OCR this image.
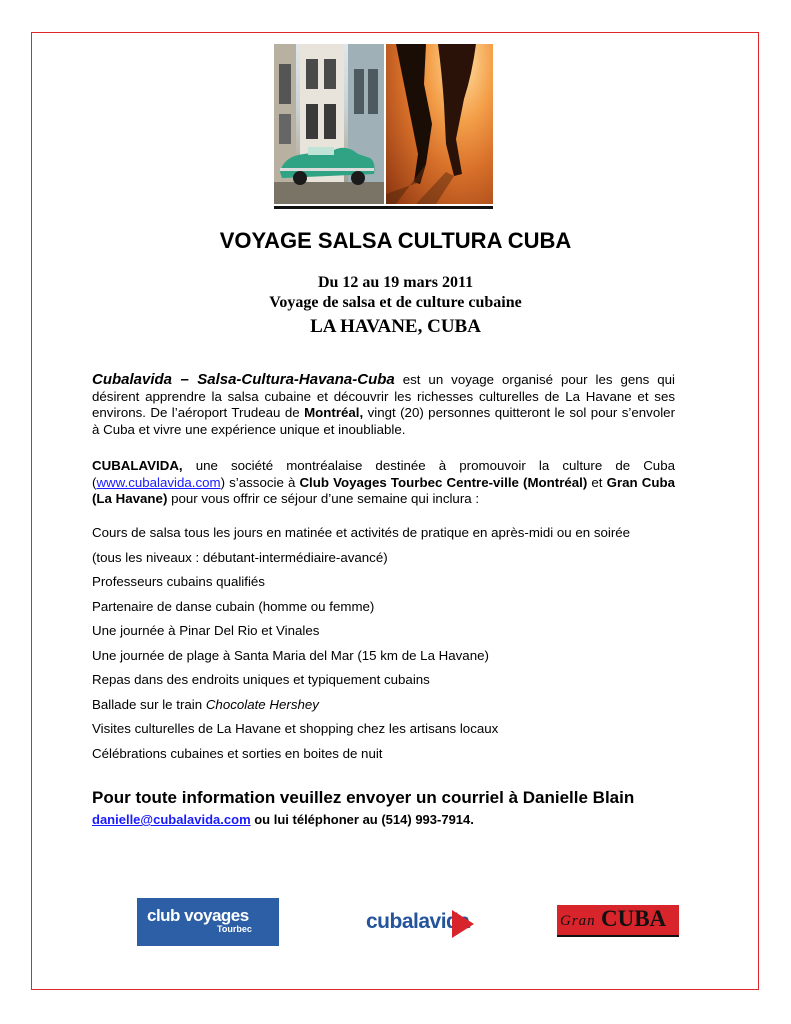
VOYAGE SALSA CULTURA CUBA
Du 12 au 19 mars 2011
Voyage de salsa et de culture cubaine
LA HAVANE, CUBA
Cubalavida – Salsa-Cultura-Havana-Cuba est un voyage organisé pour les gens qui désirent apprendre la salsa cubaine et découvrir les richesses culturelles de La Havane et ses environs. De l’aéroport Trudeau de Montréal, vingt (20) personnes quitteront le sol pour s’envoler à Cuba et vivre une expérience unique et inoubliable.
CUBALAVIDA, une société montréalaise destinée à promouvoir la culture de Cuba (www.cubalavida.com) s’associe à Club Voyages Tourbec Centre-ville (Montréal) et Gran Cuba (La Havane) pour vous offrir ce séjour d’une semaine qui inclura :
Cours de salsa tous les jours en matinée et activités de pratique en après-midi ou en soirée
(tous les niveaux : débutant-intermédiaire-avancé)
Professeurs cubains qualifiés
Partenaire de danse cubain (homme ou femme)
Une journée à Pinar Del Rio et Vinales
Une journée de plage à Santa Maria del Mar (15 km de La Havane)
Repas dans des endroits uniques et typiquement cubains
Ballade sur le train Chocolate Hershey
Visites culturelles de La Havane et shopping chez les artisans locaux
Célébrations cubaines et sorties en boites de nuit
Pour toute information veuillez envoyer un courriel à Danielle Blain
danielle@cubalavida.com ou lui téléphoner au (514) 993-7914.
club voyages
Tourbec	cubalavida	Gran CUBA
